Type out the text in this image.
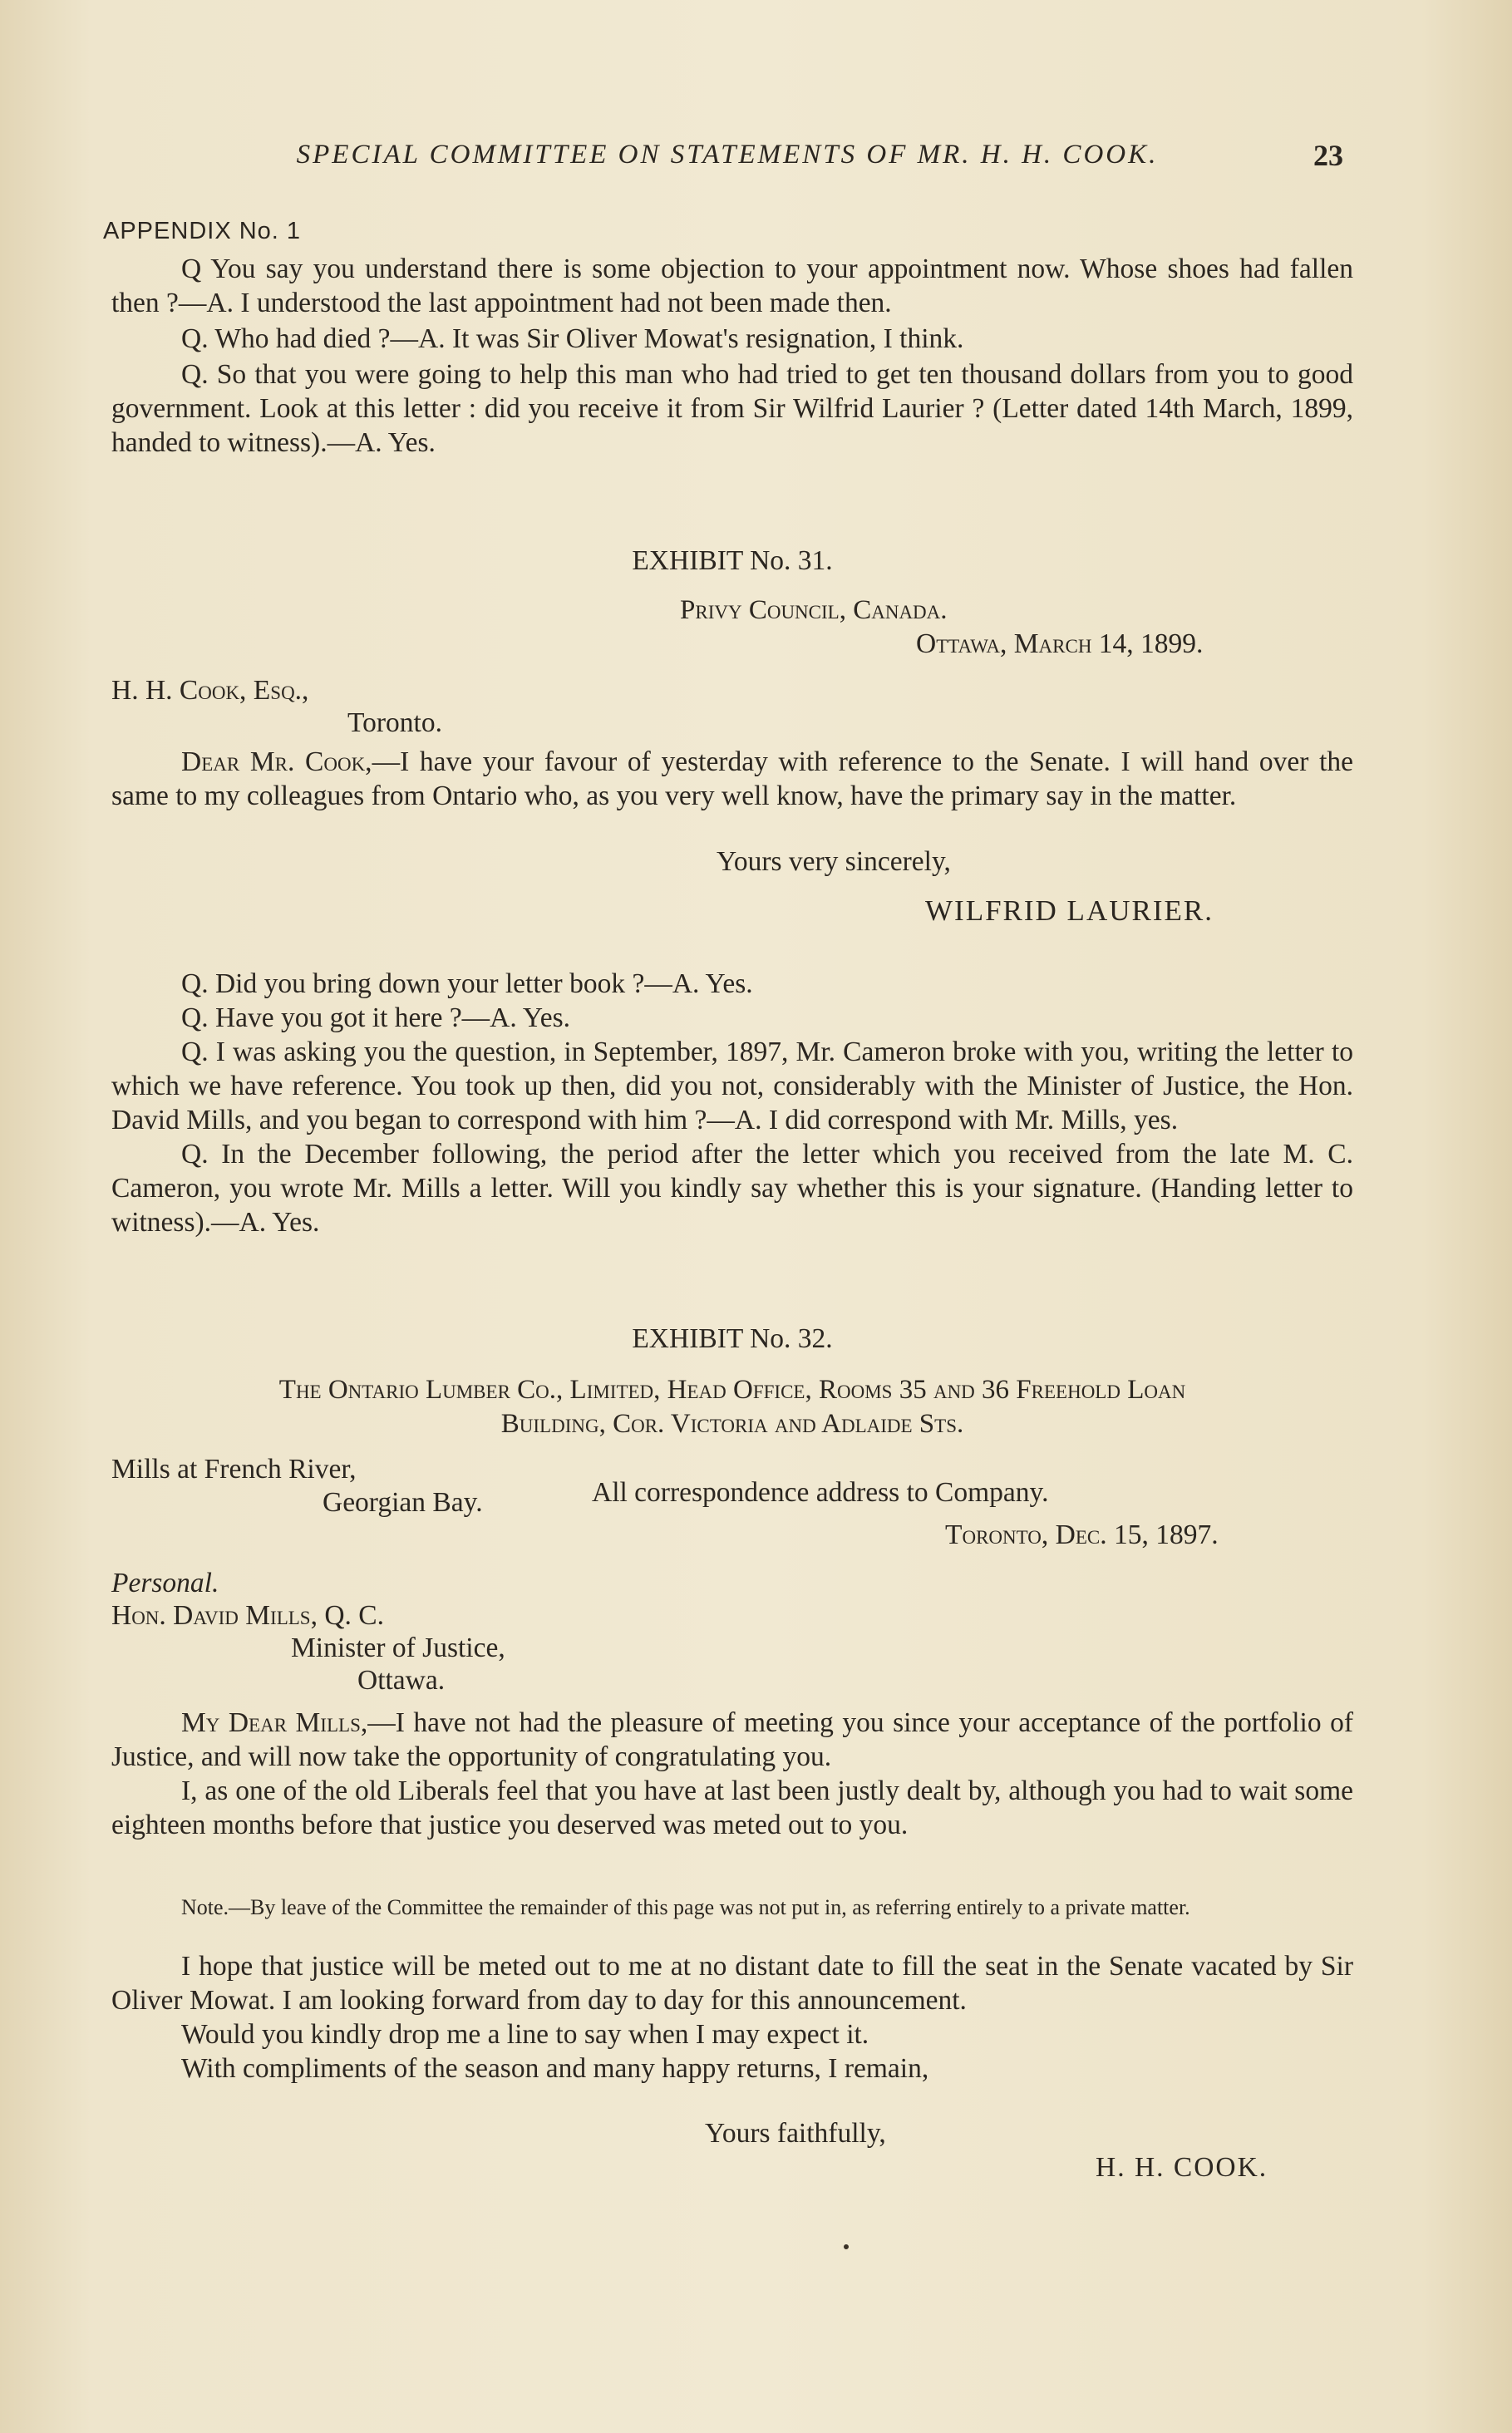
SPECIAL COMMITTEE ON STATEMENTS OF MR. H. H. COOK.	23
APPENDIX No. 1

Q You say you understand there is some objection to your appointment now. Whose shoes had fallen then ?—A. I understood the last appointment had not been made then.

Q. Who had died ?—A. It was Sir Oliver Mowat's resignation, I think.

Q. So that you were going to help this man who had tried to get ten thousand dollars from you to good government. Look at this letter : did you receive it from Sir Wilfrid Laurier ? (Letter dated 14th March, 1899, handed to witness).—A. Yes.

EXHIBIT No. 31.
Privy Council, Canada.
Ottawa, March 14, 1899.
H. H. Cook, Esq.,
Toronto.

Dear Mr. Cook,—I have your favour of yesterday with reference to the Senate. I will hand over the same to my colleagues from Ontario who, as you very well know, have the primary say in the matter.

Yours very sincerely,
WILFRID LAURIER.

Q. Did you bring down your letter book ?—A. Yes.

Q. Have you got it here ?—A. Yes.

Q. I was asking you the question, in September, 1897, Mr. Cameron broke with you, writing the letter to which we have reference. You took up then, did you not, considerably with the Minister of Justice, the Hon. David Mills, and you began to correspond with him ?—A. I did correspond with Mr. Mills, yes.

Q. In the December following, the period after the letter which you received from the late M. C. Cameron, you wrote Mr. Mills a letter. Will you kindly say whether this is your signature. (Handing letter to witness).—A. Yes.

EXHIBIT No. 32.
The Ontario Lumber Co., Limited, Head Office, Rooms 35 and 36 Freehold Loan
Building, Cor. Victoria and Adlaide Sts.
Mills at French River,
Georgian Bay.	All correspondence address to Company.
Toronto, Dec. 15, 1897.
Personal.
Hon. David Mills, Q. C.
Minister of Justice,
Ottawa.

My Dear Mills,—I have not had the pleasure of meeting you since your acceptance of the portfolio of Justice, and will now take the opportunity of congratulating you.

I, as one of the old Liberals feel that you have at last been justly dealt by, although you had to wait some eighteen months before that justice you deserved was meted out to you.

Note.—By leave of the Committee the remainder of this page was not put in, as referring entirely to a private matter.

I hope that justice will be meted out to me at no distant date to fill the seat in the Senate vacated by Sir Oliver Mowat. I am looking forward from day to day for this announcement.

Would you kindly drop me a line to say when I may expect it.

With compliments of the season and many happy returns, I remain,

Yours faithfully,
H. H. COOK.
